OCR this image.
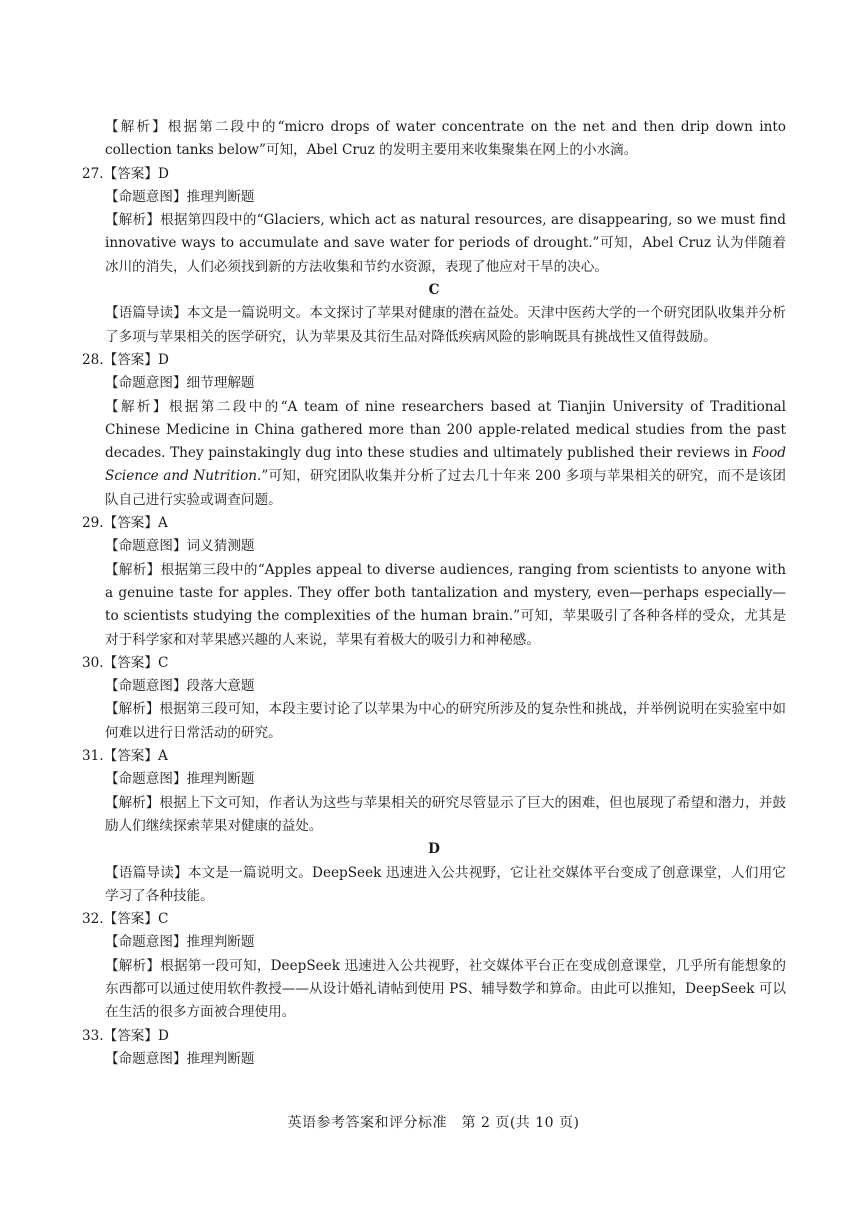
【解析】根据第二段中的“micro drops of water concentrate on the net and then drip down into collection tanks below”可知，Abel Cruz 的发明主要用来收集聚集在网上的小水滴。

27.【答案】D

【命题意图】推理判断题

【解析】根据第四段中的“Glaciers, which act as natural resources, are disappearing, so we must find innovative ways to accumulate and save water for periods of drought.”可知，Abel Cruz 认为伴随着冰川的消失，人们必须找到新的方法收集和节约水资源，表现了他应对干旱的决心。

C

【语篇导读】本文是一篇说明文。本文探讨了苹果对健康的潜在益处。天津中医药大学的一个研究团队收集并分析了多项与苹果相关的医学研究，认为苹果及其衍生品对降低疾病风险的影响既具有挑战性又值得鼓励。

28.【答案】D

【命题意图】细节理解题

【解析】根据第二段中的“A team of nine researchers based at Tianjin University of Traditional Chinese Medicine in China gathered more than 200 apple-related medical studies from the past decades. They painstakingly dug into these studies and ultimately published their reviews in Food Science and Nutrition.”可知，研究团队收集并分析了过去几十年来 200 多项与苹果相关的研究，而不是该团队自己进行实验或调查问题。

29.【答案】A

【命题意图】词义猜测题

【解析】根据第三段中的“Apples appeal to diverse audiences, ranging from scientists to anyone with a genuine taste for apples. They offer both tantalization and mystery, even—perhaps especially—to scientists studying the complexities of the human brain.”可知，苹果吸引了各种各样的受众，尤其是对于科学家和对苹果感兴趣的人来说，苹果有着极大的吸引力和神秘感。

30.【答案】C

【命题意图】段落大意题

【解析】根据第三段可知，本段主要讨论了以苹果为中心的研究所涉及的复杂性和挑战，并举例说明在实验室中如何难以进行日常活动的研究。

31.【答案】A

【命题意图】推理判断题

【解析】根据上下文可知，作者认为这些与苹果相关的研究尽管显示了巨大的困难，但也展现了希望和潜力，并鼓励人们继续探索苹果对健康的益处。

D

【语篇导读】本文是一篇说明文。DeepSeek 迅速进入公共视野，它让社交媒体平台变成了创意课堂，人们用它学习了各种技能。

32.【答案】C

【命题意图】推理判断题

【解析】根据第一段可知，DeepSeek 迅速进入公共视野，社交媒体平台正在变成创意课堂，几乎所有能想象的东西都可以通过使用软件教授——从设计婚礼请帖到使用 PS、辅导数学和算命。由此可以推知，DeepSeek 可以在生活的很多方面被合理使用。

33.【答案】D

【命题意图】推理判断题

英语参考答案和评分标准　第 2 页(共 10 页)
